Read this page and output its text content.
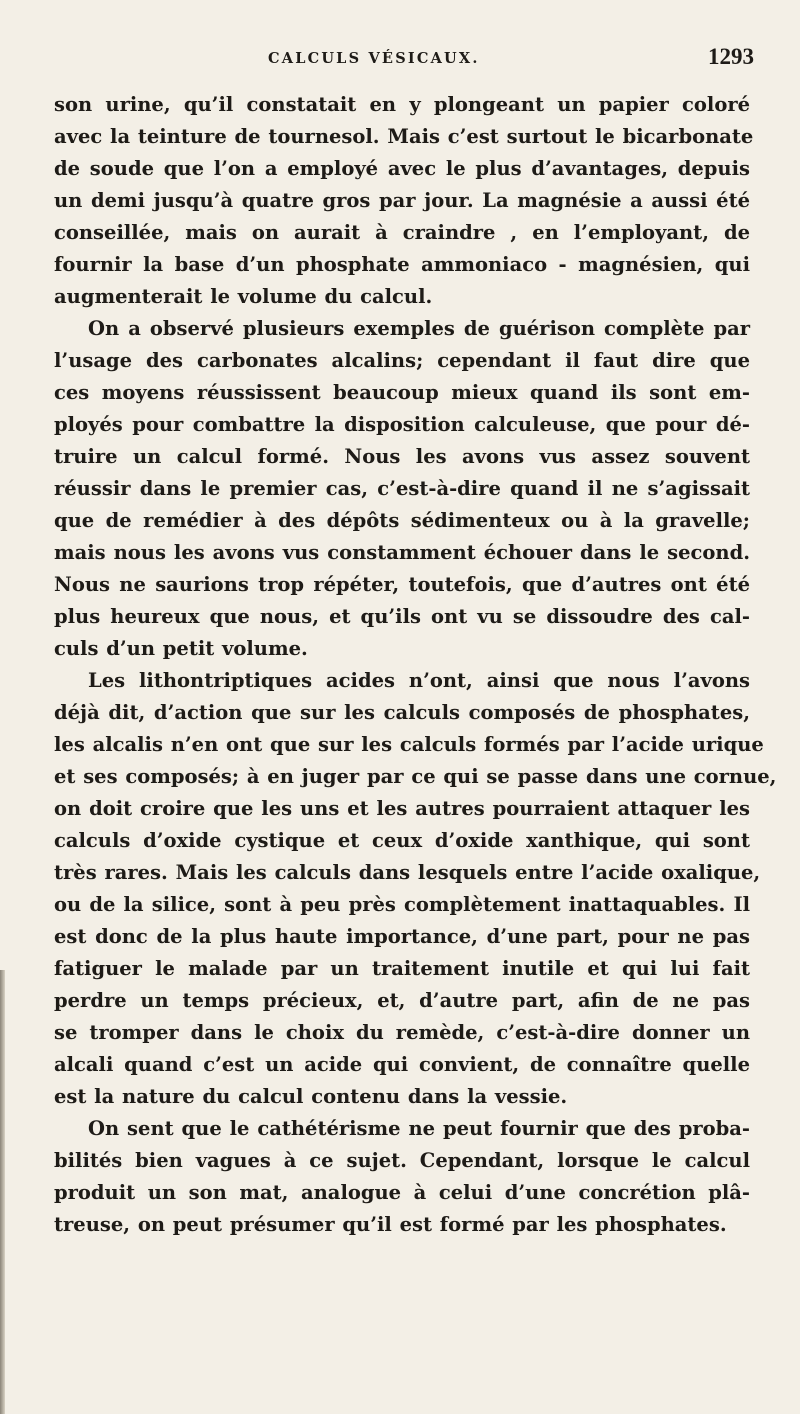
CALCULS VÉSICAUX.	1293
son urine, qu’il constatait en y plongeant un papier coloré
avec la teinture de tournesol. Mais c’est surtout le bicarbonate
de soude que l’on a employé avec le plus d’avantages, depuis
un demi jusqu’à quatre gros par jour. La magnésie a aussi été
conseillée, mais on aurait à craindre , en l’employant, de
fournir la base d’un phosphate ammoniaco - magnésien, qui
augmenterait le volume du calcul.
On a observé plusieurs exemples de guérison complète par
l’usage des carbonates alcalins; cependant il faut dire que
ces moyens réussissent beaucoup mieux quand ils sont em-
ployés pour combattre la disposition calculeuse, que pour dé-
truire un calcul formé. Nous les avons vus assez souvent
réussir dans le premier cas, c’est-à-dire quand il ne s’agissait
que de remédier à des dépôts sédimenteux ou à la gravelle;
mais nous les avons vus constamment échouer dans le second.
Nous ne saurions trop répéter, toutefois, que d’autres ont été
plus heureux que nous, et qu’ils ont vu se dissoudre des cal-
culs d’un petit volume.
Les lithontriptiques acides n’ont, ainsi que nous l’avons
déjà dit, d’action que sur les calculs composés de phosphates,
les alcalis n’en ont que sur les calculs formés par l’acide urique
et ses composés; à en juger par ce qui se passe dans une cornue,
on doit croire que les uns et les autres pourraient attaquer les
calculs d’oxide cystique et ceux d’oxide xanthique, qui sont
très rares. Mais les calculs dans lesquels entre l’acide oxalique,
ou de la silice, sont à peu près complètement inattaquables. Il
est donc de la plus haute importance, d’une part, pour ne pas
fatiguer le malade par un traitement inutile et qui lui fait
perdre un temps précieux, et, d’autre part, afin de ne pas
se tromper dans le choix du remède, c’est-à-dire donner un
alcali quand c’est un acide qui convient, de connaître quelle
est la nature du calcul contenu dans la vessie.
On sent que le cathétérisme ne peut fournir que des proba-
bilités bien vagues à ce sujet. Cependant, lorsque le calcul
produit un son mat, analogue à celui d’une concrétion plâ-
treuse, on peut présumer qu’il est formé par les phosphates.
